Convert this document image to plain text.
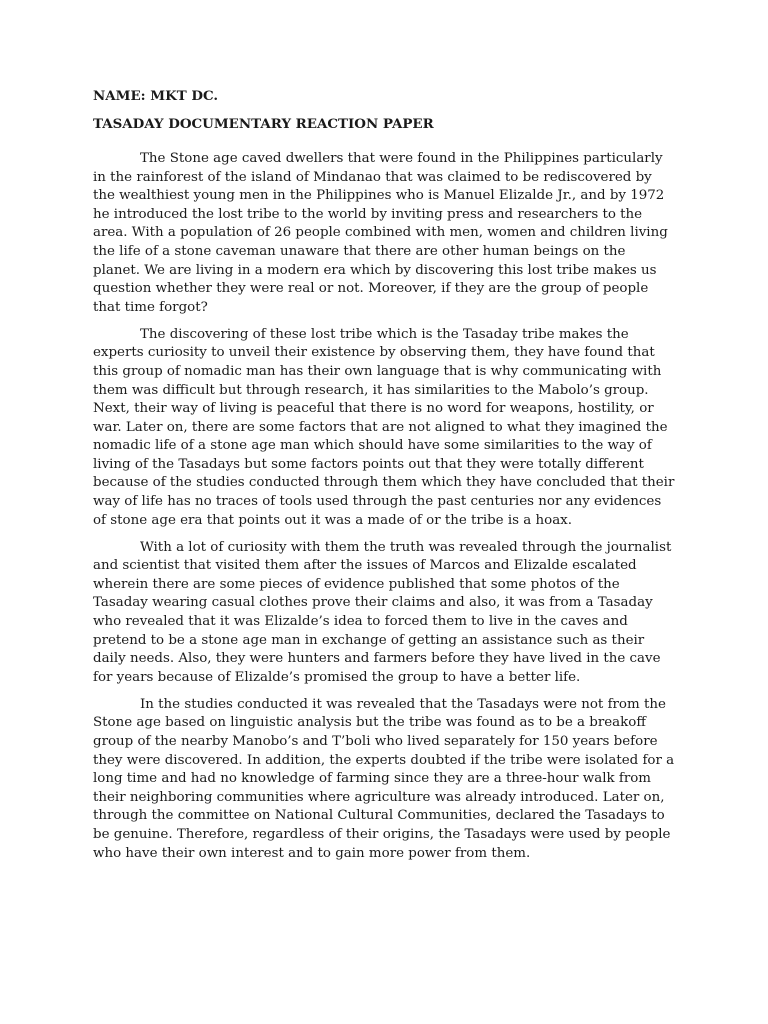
NAME: MKT DC.
TASADAY DOCUMENTARY REACTION PAPER

The Stone age caved dwellers that were found in the Philippines particularly in the rainforest of the island of Mindanao that was claimed to be rediscovered by the wealthiest young men in the Philippines who is Manuel Elizalde Jr., and by 1972 he introduced the lost tribe to the world by inviting press and researchers to the area. With a population of 26 people combined with men, women and children living the life of a stone caveman unaware that there are other human beings on the planet. We are living in a modern era which by discovering this lost tribe makes us question whether they were real or not. Moreover, if they are the group of people that time forgot?

The discovering of these lost tribe which is the Tasaday tribe makes the experts curiosity to unveil their existence by observing them, they have found that this group of nomadic man has their own language that is why communicating with them was difficult but through research, it has similarities to the Mabolo’s group. Next, their way of living is peaceful that there is no word for weapons, hostility, or war. Later on, there are some factors that are not aligned to what they imagined the nomadic life of a stone age man which should have some similarities to the way of living of the Tasadays but some factors points out that they were totally different because of the studies conducted through them which they have concluded that their way of life has no traces of tools used through the past centuries nor any evidences of stone age era that points out it was a made of or the tribe is a hoax.

With a lot of curiosity with them the truth was revealed through the journalist and scientist that visited them after the issues of Marcos and Elizalde escalated wherein there are some pieces of evidence published that some photos of the Tasaday wearing casual clothes prove their claims and also, it was from a Tasaday who revealed that it was Elizalde’s idea to forced them to live in the caves and pretend to be a stone age man in exchange of getting an assistance such as their daily needs. Also, they were hunters and farmers before they have lived in the cave for years because of Elizalde’s promised the group to have a better life.

In the studies conducted it was revealed that the Tasadays were not from the Stone age based on linguistic analysis but the tribe was found as to be a breakoff group of the nearby Manobo’s and T’boli who lived separately for 150 years before they were discovered. In addition, the experts doubted if the tribe were isolated for a long time and had no knowledge of farming since they are a three-hour walk from their neighboring communities where agriculture was already introduced. Later on, through the committee on National Cultural Communities, declared the Tasadays to be genuine. Therefore, regardless of their origins, the Tasadays were used by people who have their own interest and to gain more power from them.
